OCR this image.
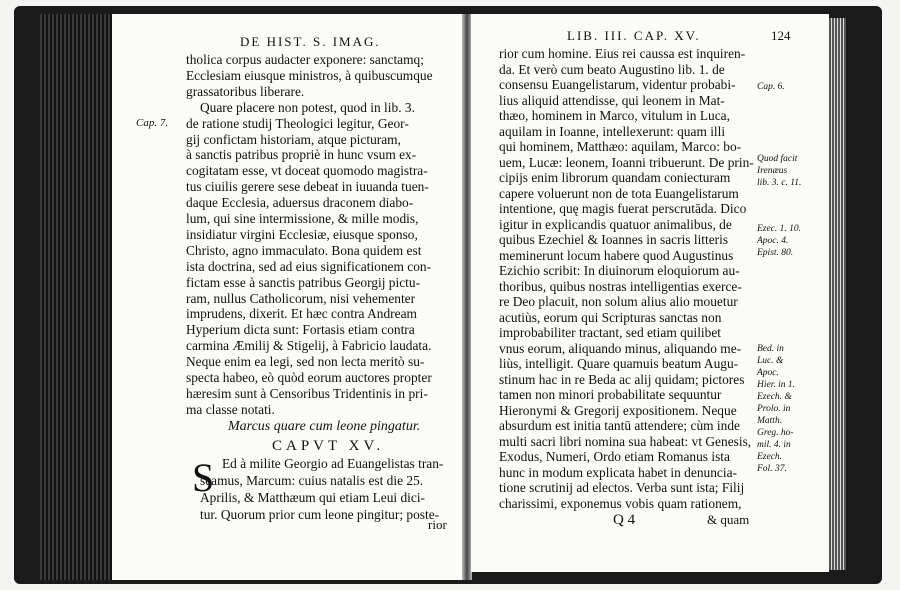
DE HIST. S. IMAG.
Cap. 7.
tholica corpus audacter exponere: sanctamq;
Ecclesiam eiusque ministros, à quibuscumque
grassatoribus liberare.
Quare placere non potest, quod in lib. 3.
de ratione studij Theologici legitur, Geor-
gij confictam historiam, atque picturam,
à sanctis patribus propriè in hunc vsum ex-
cogitatam esse, vt doceat quomodo magistra-
tus ciuilis gerere sese debeat in iuuanda tuen-
daque Ecclesia, aduersus draconem diabo-
lum, qui sine intermissione, & mille modis,
insidiatur virgini Ecclesiæ, eiusque sponso,
Christo, agno immaculato. Bona quidem est
ista doctrina, sed ad eius significationem con-
fictam esse à sanctis patribus Georgij pictu-
ram, nullus Catholicorum, nisi vehementer
imprudens, dixerit. Et hæc contra Andream
Hyperium dicta sunt: Fortasis etiam contra
carmina Æmilij & Stigelij, à Fabricio laudata.
Neque enim ea legi, sed non lecta meritò su-
specta habeo, eò quòd eorum auctores propter
hæresim sunt à Censoribus Tridentinis in pri-
ma classe notati.
Marcus quare cum leone pingatur.
CAPVT XV.
S Ed à milite Georgio ad Euangelistas tran-
seamus, Marcum: cuius natalis est die 25.
Aprilis, & Matthæum qui etiam Leui dici-
tur. Quorum prior cum leone pingitur; poste-
rior
LIB. III. CAP. XV.	124
rior cum homine. Eius rei caussa est inquiren-
da. Et verò cum beato Augustino lib. 1. de
consensu Euangelistarum, videntur probabi-
lius aliquid attendisse, qui leonem in Mat-
thæo, hominem in Marco, vitulum in Luca,
aquilam in Ioanne, intellexerunt: quam illi
qui hominem, Matthæo: aquilam, Marco: bo-
uem, Lucæ: leonem, Ioanni tribuerunt. De prin-
cipijs enim librorum quandam coniecturam
capere voluerunt non de tota Euangelistarum
intentione, quę magis fuerat perscrutāda. Dico
igitur in explicandis quatuor animalibus, de
quibus Ezechiel & Ioannes in sacris litteris
meminerunt locum habere quod Augustinus
Ezichio scribit: In diuinorum eloquiorum au-
thoribus, quibus nostras intelligentias exerce-
re Deo placuit, non solum alius alio mouetur
acutiùs, eorum qui Scripturas sanctas non
improbabiliter tractant, sed etiam quilibet
vnus eorum, aliquando minus, aliquando me-
liùs, intelligit. Quare quamuis beatum Augu-
stinum hac in re Beda ac alij quidam; pictores
tamen non minori probabilitate sequuntur
Hieronymi & Gregorij expositionem. Neque
absurdum est initia tantū attendere; cùm inde
multi sacri libri nomina sua habeat: vt Genesis,
Exodus, Numeri, Ordo etiam Romanus ista
hunc in modum explicata habet in denuncia-
tione scrutinij ad electos. Verba sunt ista; Filij
charissimi, exponemus vobis quam rationem,
Cap. 6.
Quod facit
Irenæus
lib. 3. c. 11.
Ezec. 1. 10.
Apoc. 4.
Epist. 80.
Bed. in
Luc. &
Apoc.
Hier. in 1.
Ezech. &
Prolo. in
Matth.
Greg. ho-
mil. 4. in
Ezech.
Fol. 37.
Q 4	& quam
